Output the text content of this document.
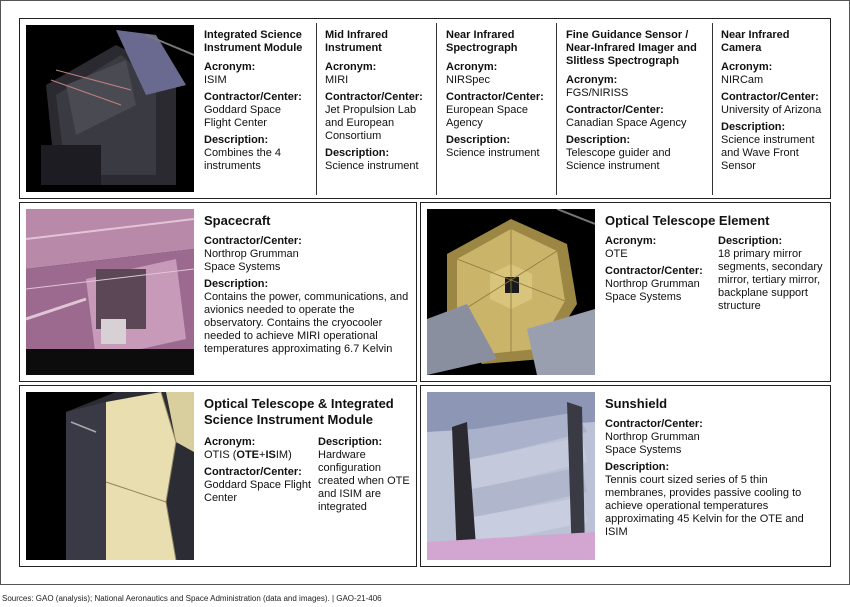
Integrated Science Instrument Module
Acronym:
ISIM
Contractor/Center:
Goddard Space Flight Center
Description:
Combines the 4 instruments
Mid Infrared Instrument
Acronym:
MIRI
Contractor/Center:
Jet Propulsion Lab and European Consortium
Description:
Science instrument
Near Infrared Spectrograph
Acronym:
NIRSpec
Contractor/Center:
European Space Agency
Description:
Science instrument
Fine Guidance Sensor / Near-Infrared Imager and Slitless Spectrograph
Acronym:
FGS/NIRISS
Contractor/Center:
Canadian Space Agency
Description:
Telescope guider and Science instrument
Near Infrared Camera
Acronym:
NIRCam
Contractor/Center:
University of Arizona
Description:
Science instrument and Wave Front Sensor
Spacecraft
Contractor/Center:
Northrop Grumman Space Systems
Description:
Contains the power, communications, and avionics needed to operate the observatory. Contains the cryocooler needed to achieve MIRI operational temperatures approximating 6.7 Kelvin
Optical Telescope Element
Acronym:
OTE
Contractor/Center:
Northrop Grumman Space Systems
Description:
18 primary mirror segments, secondary mirror, tertiary mirror, backplane support structure
Optical Telescope & Integrated Science Instrument Module
Acronym:
OTIS (OTE+ISIM)
Contractor/Center:
Goddard Space Flight Center
Description:
Hardware configuration created when OTE and ISIM are integrated
Sunshield
Contractor/Center:
Northrop Grumman Space Systems
Description:
Tennis court sized series of 5 thin membranes, provides passive cooling to achieve operational temperatures approximating 45 Kelvin for the OTE and ISIM
Sources: GAO (analysis); National Aeronautics and Space Administration (data and images). | GAO-21-406
